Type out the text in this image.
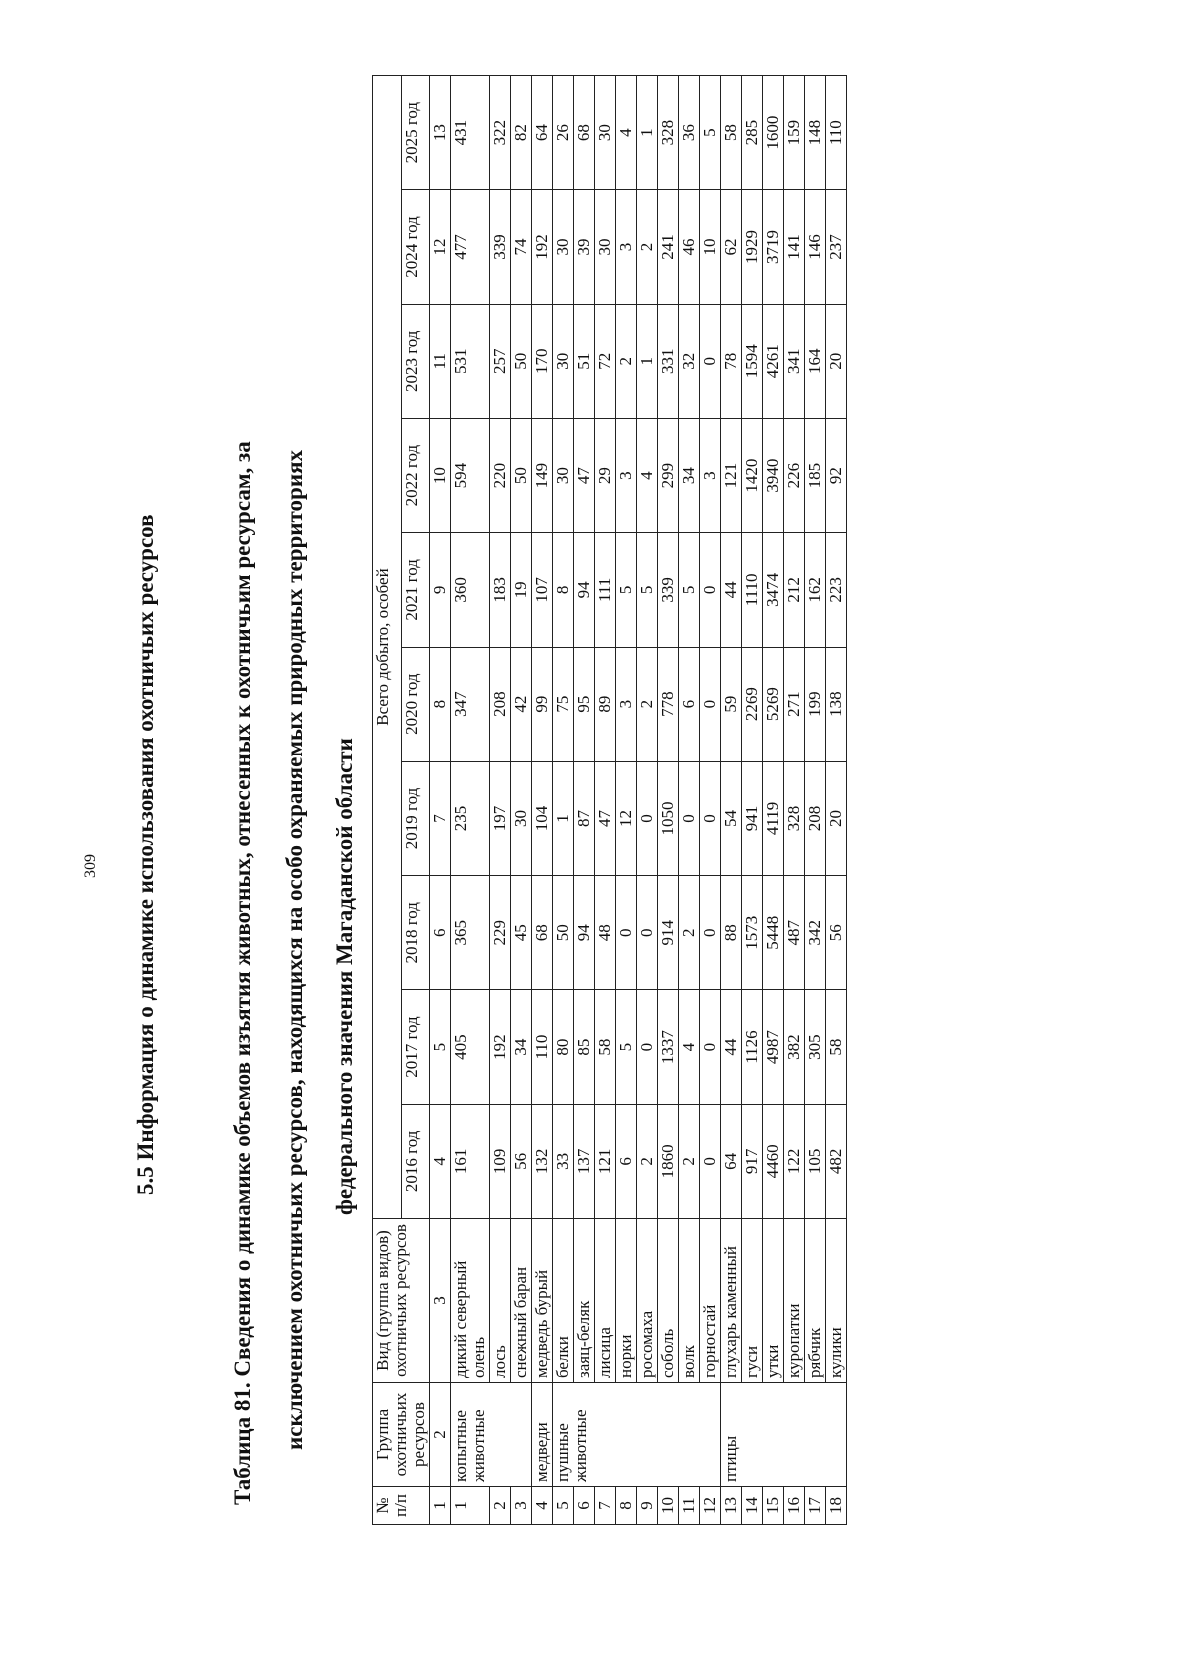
309 5.5 Информация о динамике использования охотничьих ресурсов	Таблица 81. Сведения о динамике объемов изъятия животных, отнесенных к охотничьим ресурсам, за исключением охотничьих ресурсов, находящихся на особо охраняемых природных территориях федерального значения Магаданской области
№ п/п	Группа охотничьих ресурсов	Вид (группа видов) охотничьих ресурсов	Всего добыто, особей									
			2016 год	2017 год	2018 год	2019 год	2020 год	2021 год	2022 год	2023 год	2024 год	2025 год
1	2	3	4	5	6	7	8	9	10	11	12	13
1	копытные животные	дикий северный олень	161	405	365	235	347	360	594	531	477	431
2		лось	109	192	229	197	208	183	220	257	339	322
3		снежный баран	56	34	45	30	42	19	50	50	74	82
4	медведи	медведь бурый	132	110	68	104	99	107	149	170	192	64
5	пушные животные	белки	33	80	50	1	75	8	30	30	30	26
6		заяц-беляк	137	85	94	87	95	94	47	51	39	68
7		лисица	121	58	48	47	89	111	29	72	30	30
8		норки	6	5	0	12	3	5	3	2	3	4
9		росомаха	2	0	0	0	2	5	4	1	2	1
10		соболь	1860	1337	914	1050	778	339	299	331	241	328
11		волк	2	4	2	0	6	5	34	32	46	36
12		горностай	0	0	0	0	0	0	3	0	10	5
13	птицы	глухарь каменный	64	44	88	54	59	44	121	78	62	58
14		гуси	917	1126	1573	941	2269	1110	1420	1594	1929	285
15		утки	4460	4987	5448	4119	5269	3474	3940	4261	3719	1600
16		куропатки	122	382	487	328	271	212	226	341	141	159
17		рябчик	105	305	342	208	199	162	185	164	146	148
18		кулики	482	58	56	20	138	223	92	20	237	110
